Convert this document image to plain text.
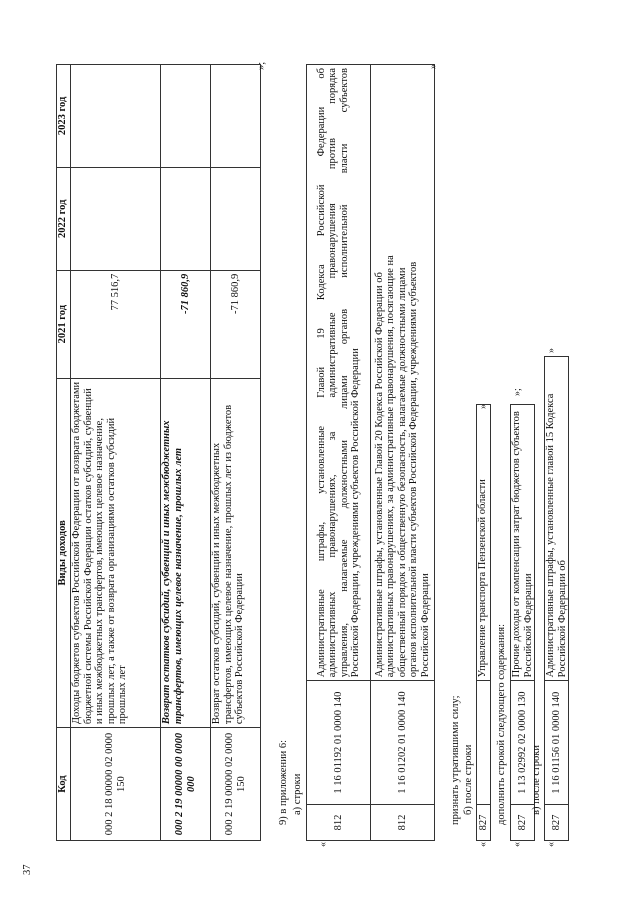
37
Код	Виды доходов	2021 год	2022 год	2023 год
000 2 18 00000 02 0000 150	Доходы бюджетов субъектов Российской Федерации от возврата бюджетами бюджетной системы Российской Федерации остатков субсидий, субвенций и иных межбюджетных трансфертов, имеющих целевое назначение, прошлых лет, а также от возврата организациями остатков субсидий прошлых лет	77 516,7		
000 2 19 00000 00 0000 000	Возврат остатков субсидий, субвенций и иных межбюджетных трансфертов, имеющих целевое назначение, прошлых лет	-71 860,9		
000 2 19 00000 02 0000 150	Возврат остатков субсидий, субвенций и иных межбюджетных трансфертов, имеющих целевое назначение, прошлых лет из бюджетов субъектов Российской Федерации	-71 860,9		
»;
9) в приложении 6: а) строки
«
812	1 16 01192 01 0000 140	Административные штрафы, установленные Главой 19 Кодекса Российской Федерации об административных правонарушениях, за административные правонарушения против порядка управления, налагаемые должностными лицами органов исполнительной власти субъектов Российской Федерации, учреждениями субъектов Российской Федерации

812	1 16 01202 01 0000 140	Административные штрафы, установленные Главой 20 Кодекса Российской Федерации об административных правонарушениях, за административные правонарушения, посягающие на общественный порядок и общественную безопасность, налагаемые должностными лицами органов исполнительной власти субъектов Российской Федерации, учреждениями субъектов Российской Федерации
»
признать утратившими силу; б) после строки
«
827		Управление транспорта Пензенской области
»
дополнить строкой следующего содержания:
«
827	1 13 02992 02 0000 130	Прочие доходы от компенсации затрат бюджетов субъектов Российской Федерации
»;
в) после строки
«
827	1 16 01156 01 0000 140	Административные штрафы, установленные главой 15 Кодекса Российской Федерации об
»
